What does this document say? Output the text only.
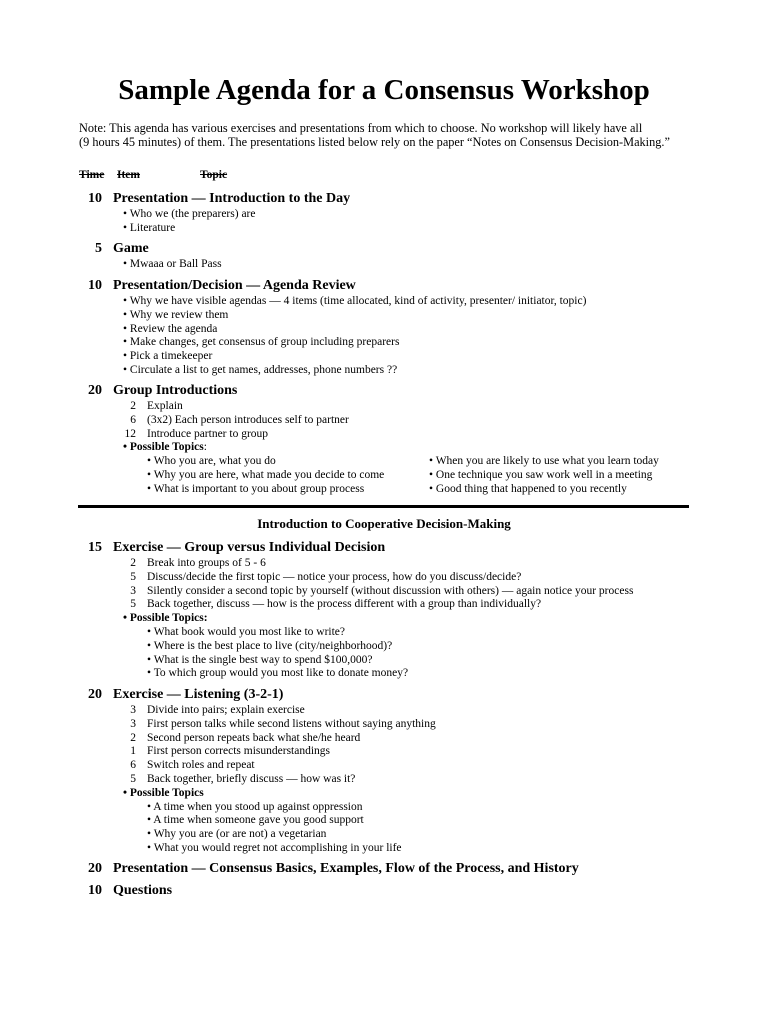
Sample Agenda for a Consensus Workshop
Note: This agenda has various exercises and presentations from which to choose. No workshop will likely have all
(9 hours 45 minutes) of them. The presentations listed below rely on the paper “Notes on Consensus Decision-Making.”
Time Item	Topic
10 Presentation — Introduction to the Day
• Who we (the preparers) are
• Literature
5 Game
• Mwaaa or Ball Pass
10 Presentation/Decision — Agenda Review
• Why we have visible agendas — 4 items (time allocated, kind of activity, presenter/ initiator, topic)
• Why we review them
• Review the agenda
• Make changes, get consensus of group including preparers
• Pick a timekeeper
• Circulate a list to get names, addresses, phone numbers ??
20 Group Introductions
2 Explain
6 (3x2) Each person introduces self to partner
12 Introduce partner to group
• Possible Topics:
• Who you are, what you do	• When you are likely to use what you learn today
• Why you are here, what made you decide to come	• One technique you saw work well in a meeting
• What is important to you about group process	• Good thing that happened to you recently
Introduction to Cooperative Decision-Making
15 Exercise — Group versus Individual Decision
2 Break into groups of 5 - 6
5 Discuss/decide the first topic — notice your process, how do you discuss/decide?
3 Silently consider a second topic by yourself (without discussion with others) — again notice your process
5 Back together, discuss — how is the process different with a group than individually?
• Possible Topics:
• What book would you most like to write?
• Where is the best place to live (city/neighborhood)?
• What is the single best way to spend $100,000?
• To which group would you most like to donate money?
20 Exercise — Listening (3-2-1)
3 Divide into pairs; explain exercise
3 First person talks while second listens without saying anything
2 Second person repeats back what she/he heard
1 First person corrects misunderstandings
6 Switch roles and repeat
5 Back together, briefly discuss — how was it?
• Possible Topics
• A time when you stood up against oppression
• A time when someone gave you good support
• Why you are (or are not) a vegetarian
• What you would regret not accomplishing in your life
20 Presentation — Consensus Basics, Examples, Flow of the Process, and History
10 Questions
